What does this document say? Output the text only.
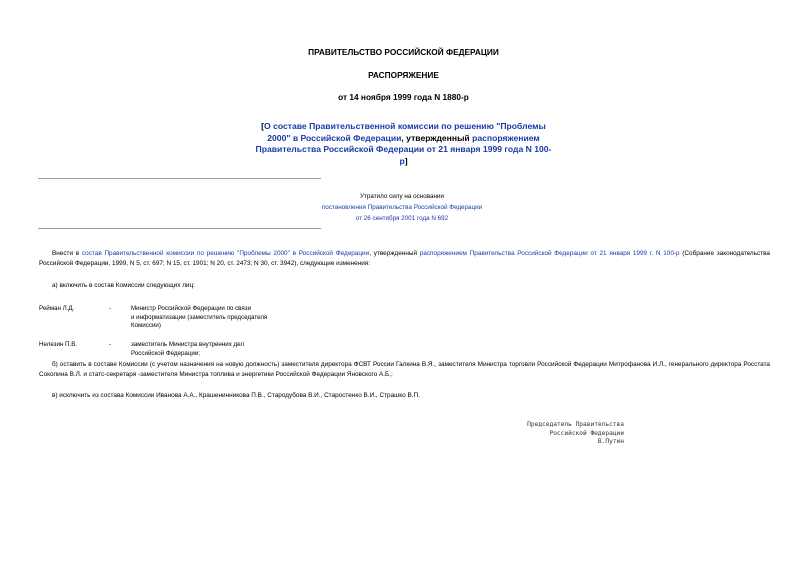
ПРАВИТЕЛЬСТВО РОССИЙСКОЙ ФЕДЕРАЦИИ
РАСПОРЯЖЕНИЕ
от 14 ноября 1999 года N 1880-р
[О составе Правительственной комиссии по решению "Проблемы 2000" в Российской Федерации, утвержденный распоряжением Правительства Российской Федерации от 21 января 1999 года N 100-р]
Утратило силу на основании
постановления Правительства Российской Федерации
от 26 сентября 2001 года N 692
Внести в состав Правительственной комиссии по решению "Проблемы 2000" в Российской Федерации, утвержденный распоряжением Правительства Российской Федерации от 21 января 1999 г. N 100-р (Собрание законодательства Российской Федерации, 1999, N 5, ст. 697; N 15, ст. 1901; N 20, ст. 2473; N 30, ст. 3942), следующие изменения:
а) включить в состав Комиссии следующих лиц:
Рейман Л.Д.	-	Министр Российской Федерации по связи
и информатизации (заместитель председателя
Комиссии)
Нелезин П.В.	-	заместитель Министра внутренних дел
Российской Федерации;
б) оставить в составе Комиссии (с учетом назначения на новую должность) заместителя директора ФСВТ России Галкина В.Я., заместителя Министра торговли Российской Федерации Митрофанова И.Л., генерального директора Росстата Соколина В.Л. и статс-секретаря -заместителя Министра топлива и энергетики Российской Федерации Яновского А.Б.;
в) исключить из состава Комиссии Иванова А.А., Крашенинникова П.В., Стародубова В.И., Старостенко В.И., Страшко В.П.
Председатель Правительства
Российской Федерации
В.Путин
